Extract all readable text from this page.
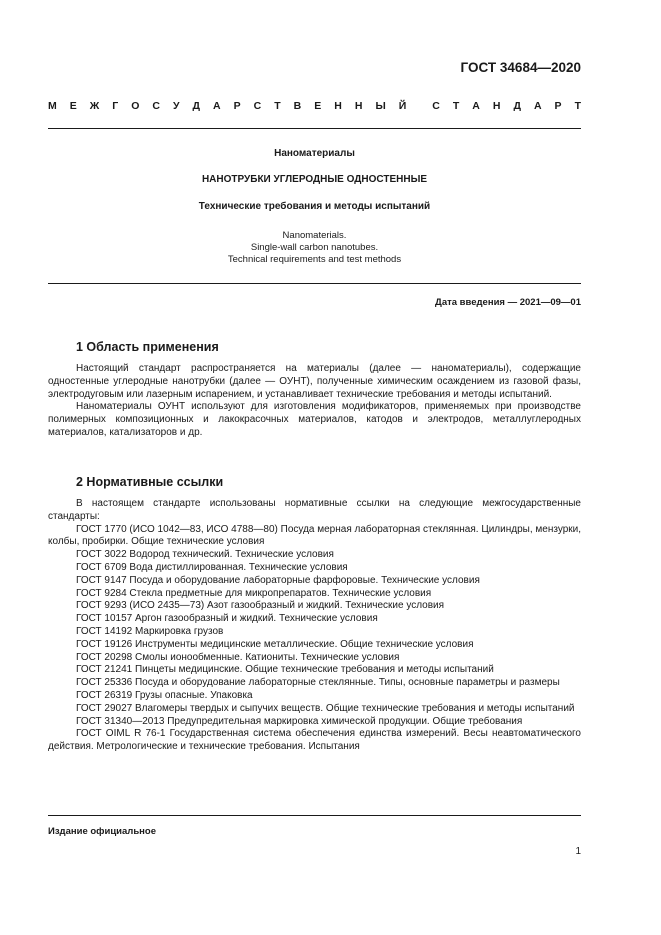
ГОСТ 34684—2020
М Е Ж Г О С У Д А Р С Т В Е Н Н Ы Й С Т А Н Д А Р Т
Наноматериалы
НАНОТРУБКИ УГЛЕРОДНЫЕ ОДНОСТЕННЫЕ
Технические требования и методы испытаний
Nanomaterials.
Single-wall carbon nanotubes.
Technical requirements and test methods
Дата введения — 2021—09—01
1 Область применения

Настоящий стандарт распространяется на материалы (далее — наноматериалы), содержащие одностенные углеродные нанотрубки (далее — ОУНТ), полученные химическим осаждением из газовой фазы, электродуговым или лазерным испарением, и устанавливает технические требования и методы испытаний.

Наноматериалы ОУНТ используют для изготовления модификаторов, применяемых при производстве полимерных композиционных и лакокрасочных материалов, катодов и электродов, металлуглеродных материалов, катализаторов и др.

2 Нормативные ссылки

В настоящем стандарте использованы нормативные ссылки на следующие межгосударственные стандарты:

ГОСТ 1770 (ИСО 1042—83, ИСО 4788—80) Посуда мерная лабораторная стеклянная. Цилиндры, мензурки, колбы, пробирки. Общие технические условия

ГОСТ 3022 Водород технический. Технические условия

ГОСТ 6709 Вода дистиллированная. Технические условия

ГОСТ 9147 Посуда и оборудование лабораторные фарфоровые. Технические условия

ГОСТ 9284 Стекла предметные для микропрепаратов. Технические условия

ГОСТ 9293 (ИСО 2435—73) Азот газообразный и жидкий. Технические условия

ГОСТ 10157 Аргон газообразный и жидкий. Технические условия

ГОСТ 14192 Маркировка грузов

ГОСТ 19126 Инструменты медицинские металлические. Общие технические условия

ГОСТ 20298 Смолы ионообменные. Катиониты. Технические условия

ГОСТ 21241 Пинцеты медицинские. Общие технические требования и методы испытаний

ГОСТ 25336 Посуда и оборудование лабораторные стеклянные. Типы, основные параметры и размеры

ГОСТ 26319 Грузы опасные. Упаковка

ГОСТ 29027 Влагомеры твердых и сыпучих веществ. Общие технические требования и методы испытаний

ГОСТ 31340—2013 Предупредительная маркировка химической продукции. Общие требования

ГОСТ OIML R 76-1 Государственная система обеспечения единства измерений. Весы неавтоматического действия. Метрологические и технические требования. Испытания

Издание официальное
1
